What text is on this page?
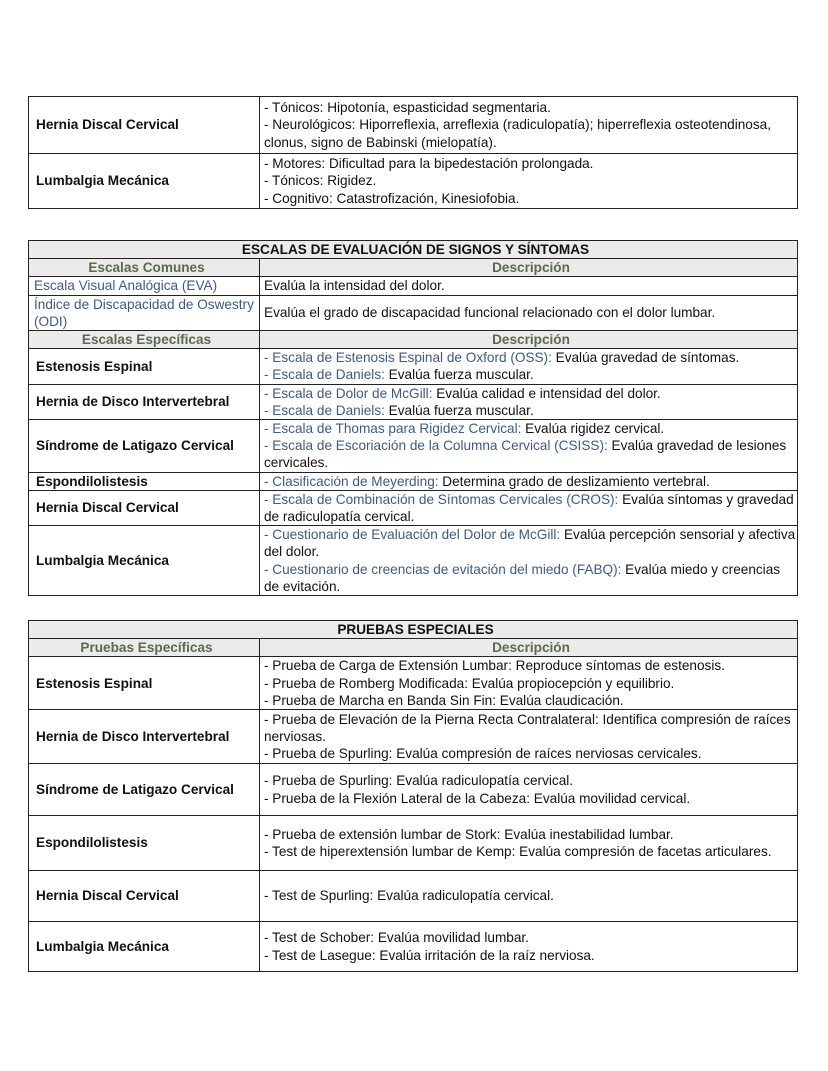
Hernia Discal Cervical	- Tónicos: Hipotonía, espasticidad segmentaria.
- Neurológicos: Hiporreflexia, arreflexia (radiculopatía); hiperreflexia osteotendinosa, clonus, signo de Babinski (mielopatía).

Lumbalgia Mecánica	- Motores: Dificultad para la bipedestación prolongada.
- Tónicos: Rigidez.
- Cognitivo: Catastrofización, Kinesiofobia.
ESCALAS DE EVALUACIÓN DE SIGNOS Y SÍNTOMAS	
Escalas Comunes	Descripción
Escala Visual Analógica (EVA)	Evalúa la intensidad del dolor.
Índice de Discapacidad de Oswestry (ODI)	Evalúa el grado de discapacidad funcional relacionado con el dolor lumbar.
Escalas Específicas	Descripción
Estenosis Espinal	- Escala de Estenosis Espinal de Oxford (OSS): Evalúa gravedad de síntomas.
- Escala de Daniels: Evalúa fuerza muscular.

Hernia de Disco Intervertebral	- Escala de Dolor de McGill: Evalúa calidad e intensidad del dolor.
- Escala de Daniels: Evalúa fuerza muscular.

Síndrome de Latigazo Cervical	- Escala de Thomas para Rigidez Cervical: Evalúa rigidez cervical.
- Escala de Escoriación de la Columna Cervical (CSISS): Evalúa gravedad de lesiones cervicales.

Espondilolistesis	- Clasificación de Meyerding: Determina grado de deslizamiento vertebral.

Hernia Discal Cervical	- Escala de Combinación de Síntomas Cervicales (CROS): Evalúa síntomas y gravedad de radiculopatía cervical.

Lumbalgia Mecánica	- Cuestionario de Evaluación del Dolor de McGill: Evalúa percepción sensorial y afectiva del dolor.
- Cuestionario de creencias de evitación del miedo (FABQ): Evalúa miedo y creencias de evitación.
PRUEBAS ESPECIALES	
Pruebas Específicas	Descripción
Estenosis Espinal	- Prueba de Carga de Extensión Lumbar: Reproduce síntomas de estenosis.
- Prueba de Romberg Modificada: Evalúa propiocepción y equilibrio.
- Prueba de Marcha en Banda Sin Fin: Evalúa claudicación.

Hernia de Disco Intervertebral	- Prueba de Elevación de la Pierna Recta Contralateral: Identifica compresión de raíces nerviosas.
- Prueba de Spurling: Evalúa compresión de raíces nerviosas cervicales.

Síndrome de Latigazo Cervical	- Prueba de Spurling: Evalúa radiculopatía cervical.
- Prueba de la Flexión Lateral de la Cabeza: Evalúa movilidad cervical.

Espondilolistesis	- Prueba de extensión lumbar de Stork: Evalúa inestabilidad lumbar.
- Test de hiperextensión lumbar de Kemp: Evalúa compresión de facetas articulares.

Hernia Discal Cervical	- Test de Spurling: Evalúa radiculopatía cervical.

Lumbalgia Mecánica	- Test de Schober: Evalúa movilidad lumbar.
- Test de Lasegue: Evalúa irritación de la raíz nerviosa.
